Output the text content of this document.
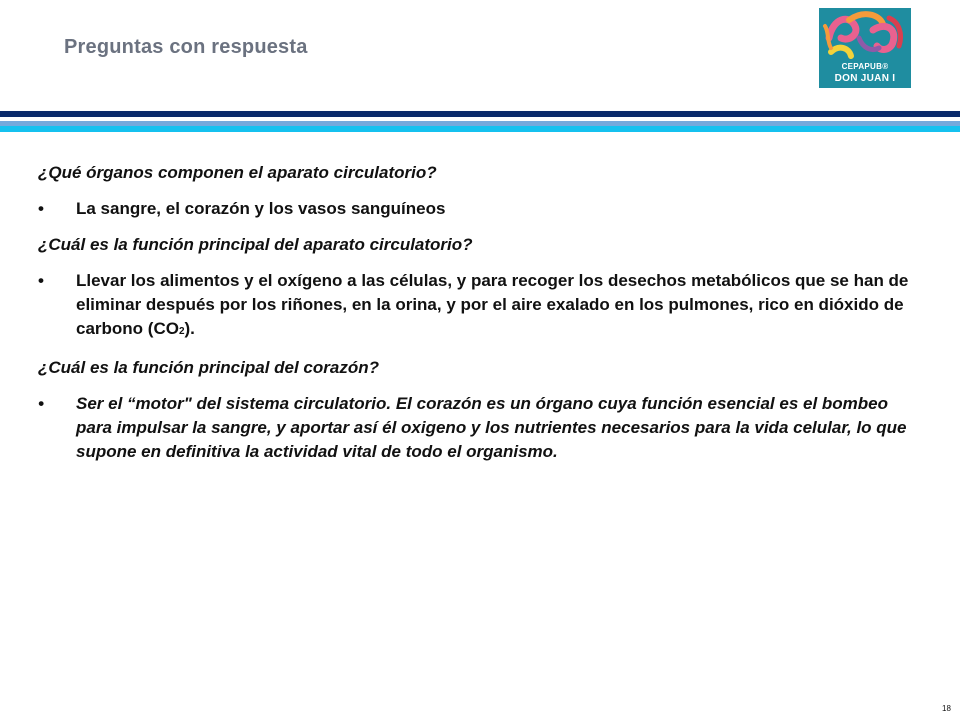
Preguntas con respuesta
CEPAPUB®
DON JUAN I

¿Qué órganos componen el aparato circulatorio?

• La sangre, el corazón y los vasos sanguíneos

¿Cuál es la función principal del aparato circulatorio?

• Llevar los alimentos y el oxígeno a las células, y para recoger los desechos metabólicos que se han de eliminar después por los riñones, en la orina, y por el aire exalado en los pulmones, rico en dióxido de carbono (CO2).

¿Cuál es la función principal del corazón?

• Ser el “motor" del sistema circulatorio. El corazón es un órgano cuya función esencial es el bombeo para impulsar la sangre, y aportar así él oxigeno y los nutrientes necesarios para la vida celular, lo que supone en definitiva la actividad vital de todo el organismo.

18
